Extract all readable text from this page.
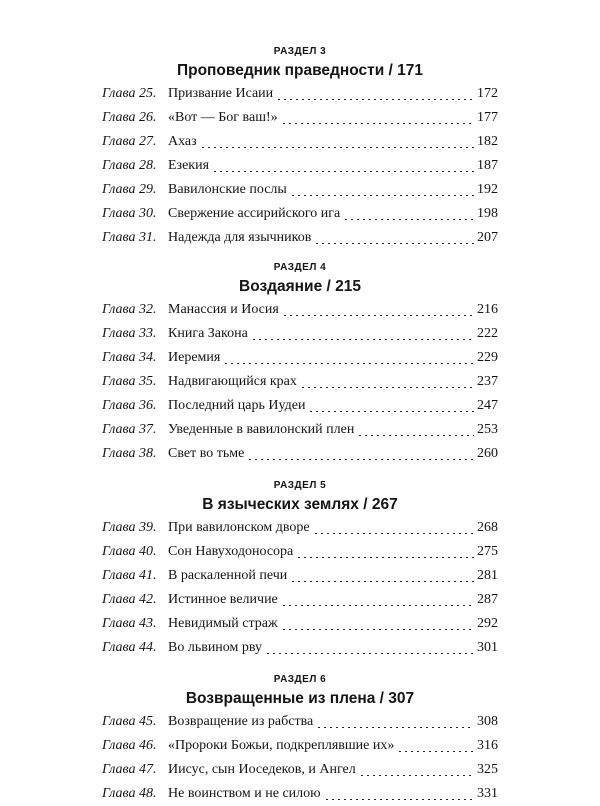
РАЗДЕЛ 3
Проповедник праведности / 171
Глава 25. Призвание Исаии	172
Глава 26. «Вот — Бог ваш!»	177
Глава 27. Ахаз	182
Глава 28. Езекия	187
Глава 29. Вавилонские послы	192
Глава 30. Свержение ассирийского ига	198
Глава 31. Надежда для язычников	207
РАЗДЕЛ 4
Воздаяние / 215
Глава 32. Манассия и Иосия	216
Глава 33. Книга Закона	222
Глава 34. Иеремия	229
Глава 35. Надвигающийся крах	237
Глава 36. Последний царь Иудеи	247
Глава 37. Уведенные в вавилонский плен	253
Глава 38. Свет во тьме	260
РАЗДЕЛ 5
В языческих землях / 267
Глава 39. При вавилонском дворе	268
Глава 40. Сон Навуходоносора	275
Глава 41. В раскаленной печи	281
Глава 42. Истинное величие	287
Глава 43. Невидимый страж	292
Глава 44. Во львином рву	301
РАЗДЕЛ 6
Возвращенные из плена / 307
Глава 45. Возвращение из рабства	308
Глава 46. «Пророки Божьи, подкреплявшие их»	316
Глава 47. Иисус, сын Иоседеков, и Ангел	325
Глава 48. Не воинством и не силою	331
